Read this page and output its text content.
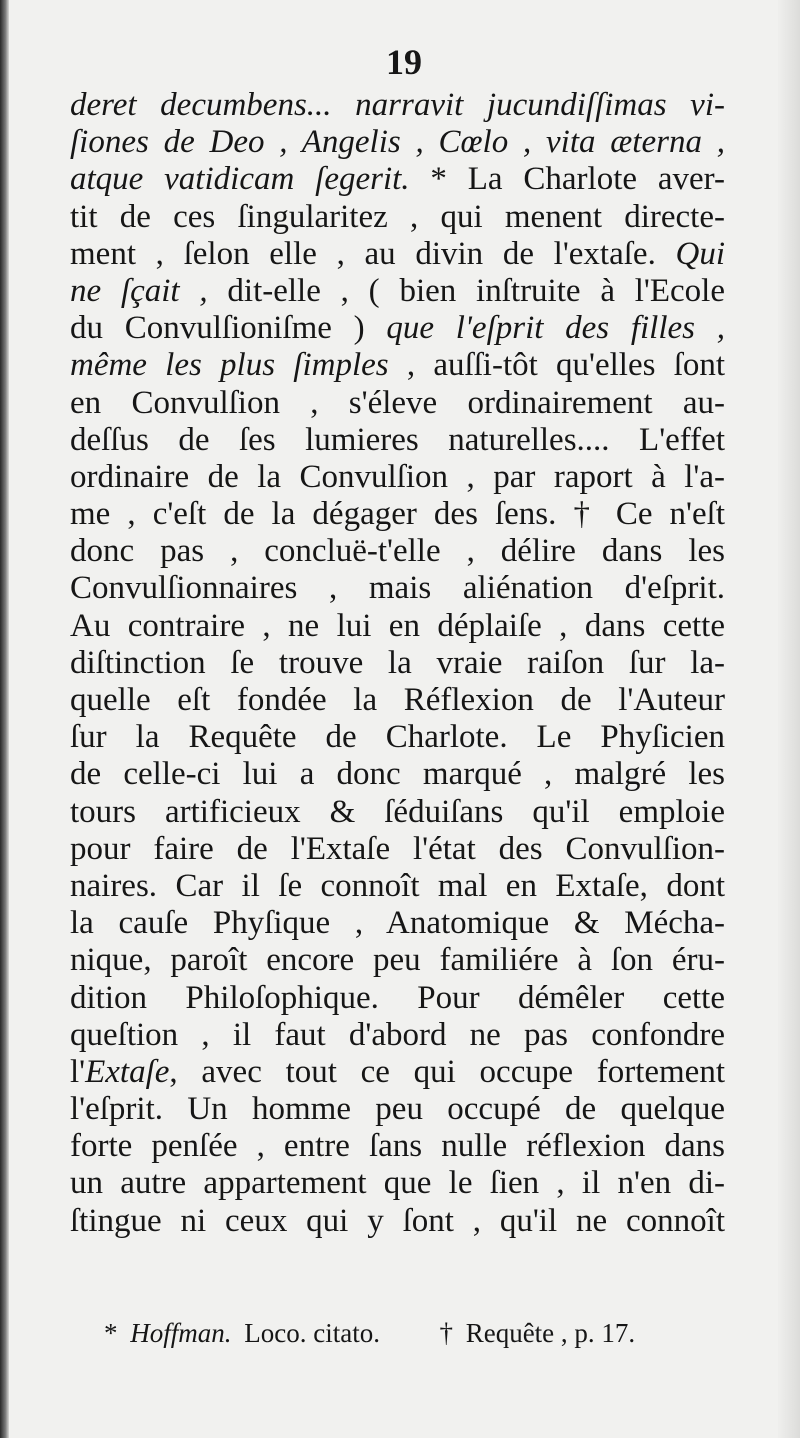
19
deret decumbens... narravit jucundiſſimas vi-
ſiones de Deo , Angelis , Cœlo , vita æterna ,
atque vatidicam ſegerit. * La Charlote aver-
tit de ces ſingularitez , qui menent directe-
ment , ſelon elle , au divin de l'extaſe. Qui
ne ſçait , dit-elle , ( bien inſtruite à l'Ecole
du Convulſioniſme ) que l'eſprit des filles ,
même les plus ſimples , auſſi-tôt qu'elles ſont
en Convulſion , s'éleve ordinairement au-
deſſus de ſes lumieres naturelles.... L'effet
ordinaire de la Convulſion , par raport à l'a-
me , c'eſt de la dégager des ſens. † Ce n'eſt
donc pas , concluë-t'elle , délire dans les
Convulſionnaires , mais aliénation d'eſprit.
Au contraire , ne lui en déplaiſe , dans cette
diſtinction ſe trouve la vraie raiſon ſur la-
quelle eſt fondée la Réflexion de l'Auteur
ſur la Requête de Charlote. Le Phyſicien
de celle-ci lui a donc marqué , malgré les
tours artificieux & ſéduiſans qu'il emploie
pour faire de l'Extaſe l'état des Convulſion-
naires. Car il ſe connoît mal en Extaſe, dont
la cauſe Phyſique , Anatomique & Mécha-
nique, paroît encore peu familiére à ſon éru-
dition Philoſophique. Pour démêler cette
queſtion , il faut d'abord ne pas confondre
l'Extaſe, avec tout ce qui occupe fortement
l'eſprit. Un homme peu occupé de quelque
forte penſée , entre ſans nulle réflexion dans
un autre appartement que le ſien , il n'en di-
ſtingue ni ceux qui y ſont , qu'il ne connoît
* Hoffman. Loco. citato. † Requête , p. 17.
